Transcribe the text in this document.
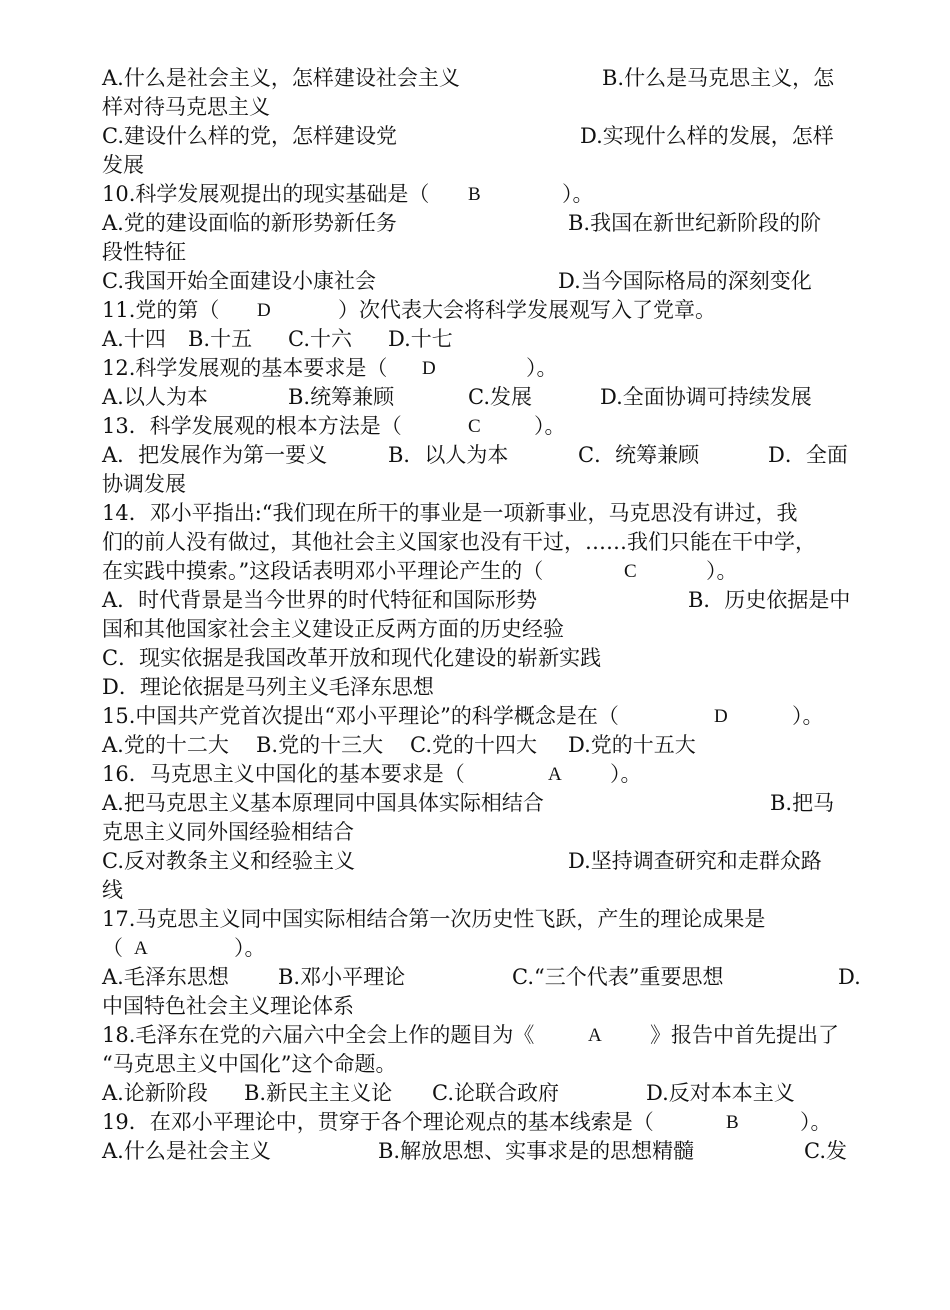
A.什么是社会主义，怎样建设社会主义

	B.什么是马克思主义，怎

样对待马克思主义

C.建设什么样的党，怎样建设党

	D.实现什么样的发展，怎样

发展

10.科学发展观提出的现实基础是（

B

	）。

A.党的建设面临的新形势新任务

	B.我国在新世纪新阶段的阶

段性特征

C.我国开始全面建设小康社会

	D.当今国际格局的深刻变化

11.党的第（

D

	）次代表大会将科学发展观写入了党章。

A.十四

B.十五

C.十六

D.十七

12.科学发展观的基本要求是（

D

	）。

A.以人为本

	B.统筹兼顾

	C.发展

	D.全面协调可持续发展

13．科学发展观的根本方法是（

	C

	）。

A．把发展作为第一要义

	B．以人为本

	C．统筹兼顾

	D．全面

协调发展

14．邓小平指出:“我们现在所干的事业是一项新事业，马克思没有讲过，我

们的前人没有做过，其他社会主义国家也没有干过，……我们只能在干中学，

在实践中摸索。”这段话表明邓小平理论产生的（

	C

	）。

A．时代背景是当今世界的时代特征和国际形势

	B．历史依据是中

国和其他国家社会主义建设正反两方面的历史经验

C．现实依据是我国改革开放和现代化建设的崭新实践

D．理论依据是马列主义毛泽东思想

15.中国共产党首次提出“邓小平理论”的科学概念是在（

	D

	）。

A.党的十二大

B.党的十三大

C.党的十四大

D.党的十五大

16．马克思主义中国化的基本要求是（

	A

）。

A.把马克思主义基本原理同中国具体实际相结合

	B.把马

克思主义同外国经验相结合

C.反对教条主义和经验主义

	D.坚持调查研究和走群众路

线

17.马克思主义同中国实际相结合第一次历史性飞跃，产生的理论成果是

（

A

	）。

A.毛泽东思想

B.邓小平理论

	C.“三个代表”重要思想

	D.

中国特色社会主义理论体系

18.毛泽东在党的六届六中全会上作的题目为《

	A

》报告中首先提出了

“马克思主义中国化”这个命题。

A.论新阶段

B.新民主主义论

C.论联合政府

	D.反对本本主义

19．在邓小平理论中，贯穿于各个理论观点的基本线索是（

	B

	）。

A.什么是社会主义

	B.解放思想、实事求是的思想精髓

	C.发
